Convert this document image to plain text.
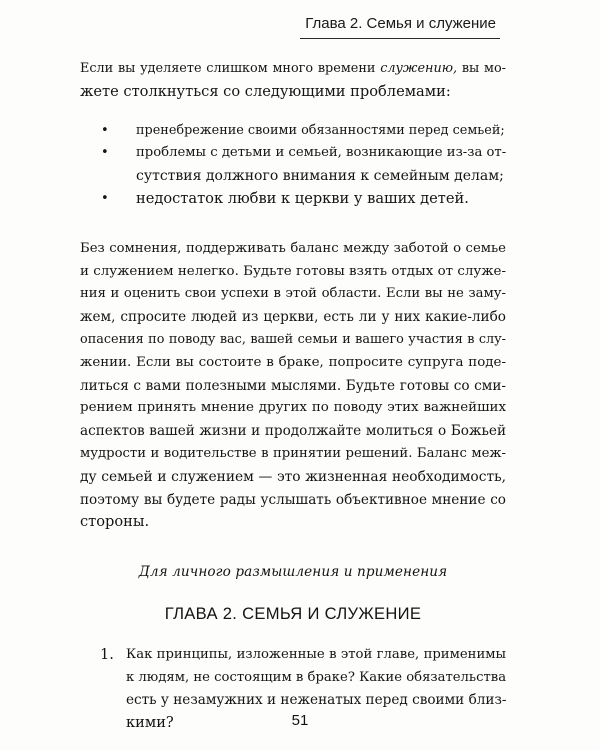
Глава 2. Семья и служение

Если вы уделяете слишком много времени служению, вы мо-
жете столкнуться со следующими проблемами:

• пренебрежение своими обязанностями перед семьей;
• проблемы с детьми и семьей, возникающие из-за от-
сутствия должного внимания к семейным делам;
• недостаток любви к церкви у ваших детей.

Без сомнения, поддерживать баланс между заботой о семье
и служением нелегко. Будьте готовы взять отдых от служе-
ния и оценить свои успехи в этой области. Если вы не заму-
жем, спросите людей из церкви, есть ли у них какие-либо
опасения по поводу вас, вашей семьи и вашего участия в слу-
жении. Если вы состоите в браке, попросите супруга поде-
литься с вами полезными мыслями. Будьте готовы со сми-
рением принять мнение других по поводу этих важнейших
аспектов вашей жизни и продолжайте молиться о Божьей
мудрости и водительстве в принятии решений. Баланс меж-
ду семьей и служением — это жизненная необходимость,
поэтому вы будете рады услышать объективное мнение со
стороны.

Для личного размышления и применения
ГЛАВА 2. СЕМЬЯ И СЛУЖЕНИЕ
1. Как принципы, изложенные в этой главе, применимы
к людям, не состоящим в браке? Какие обязательства
есть у незамужних и неженатых перед своими близ-
кими?	51
